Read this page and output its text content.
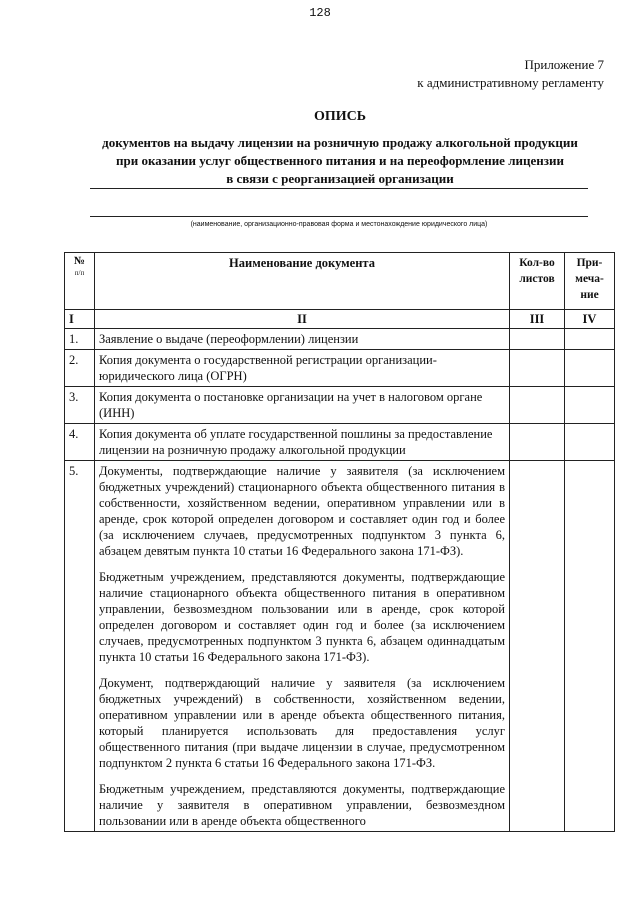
128
Приложение 7
к административному регламенту
ОПИСЬ
документов на выдачу лицензии на розничную продажу алкогольной продукции
при оказании услуг общественного питания и на переоформление лицензии
в связи с реорганизацией организации
(наименование, организационно-правовая форма и местонахождение юридического лица)
№
п/п	Наименование документа	Кол-во листов	При-меча-ние
I	II	III	IV
1.	Заявление о выдаче (переоформлении) лицензии		
2.	Копия документа о государственной регистрации организации-юридического лица (ОГРН)		
3.	Копия документа о постановке организации на учет в налоговом органе (ИНН)		
4.	Копия документа об уплате государственной пошлины за предоставление лицензии на розничную продажу алкогольной продукции		
5.	Документы, подтверждающие наличие у заявителя (за исключением бюджетных учреждений) стационарного объекта общественного питания в собственности, хозяйственном ведении, оперативном управлении или в аренде, срок которой определен договором и составляет один год и более (за исключением случаев, предусмотренных подпунктом 3 пункта 6, абзацем девятым пункта 10 статьи 16 Федерального закона 171-ФЗ).

Бюджетным учреждением, представляются документы, подтверждающие наличие стационарного объекта общественного питания в оперативном управлении, безвозмездном пользовании или в аренде, срок которой определен договором и составляет один год и более (за исключением случаев, предусмотренных подпунктом 3 пункта 6, абзацем одиннадцатым пункта 10 статьи 16 Федерального закона 171-ФЗ).

Документ, подтверждающий наличие у заявителя (за исключением бюджетных учреждений) в собственности, хозяйственном ведении, оперативном управлении или в аренде объекта общественного питания, который планируется использовать для предоставления услуг общественного питания (при выдаче лицензии в случае, предусмотренном подпунктом 2 пункта 6 статьи 16 Федерального закона 171-ФЗ.

Бюджетным учреждением, представляются документы, подтверждающие наличие у заявителя в оперативном управлении, безвозмездном пользовании или в аренде объекта общественного		
